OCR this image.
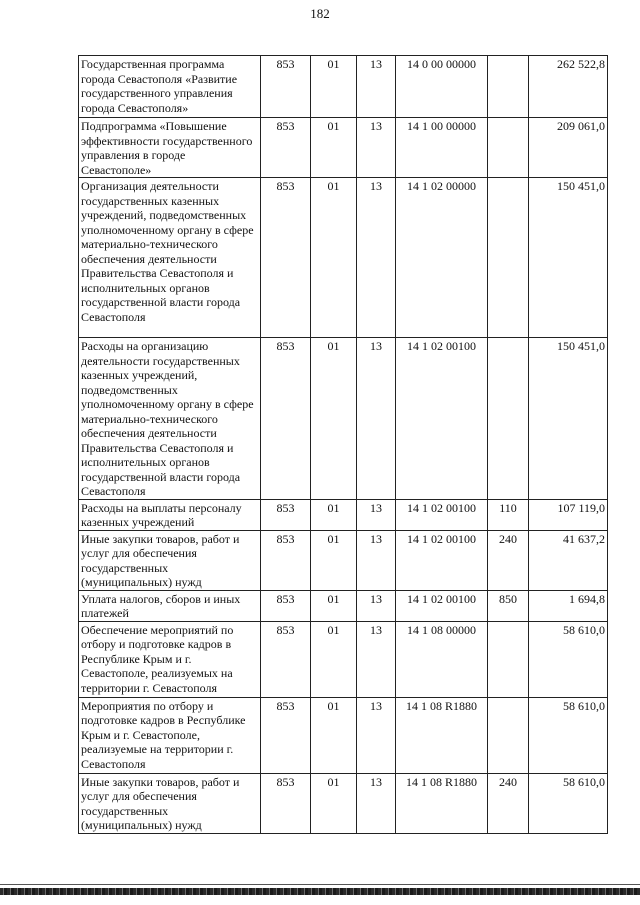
182
Государственная программа города Севастополя «Развитие государственного управления города Севастополя»	853	01	13	14 0 00 00000		262 522,8
Подпрограмма «Повышение эффективности государственного управления в городе Севастополе»	853	01	13	14 1 00 00000		209 061,0
Организация деятельности государственных казенных учреждений, подведомственных уполномоченному органу в сфере материально-технического обеспечения деятельности Правительства Севастополя и исполнительных органов государственной власти города Севастополя	853	01	13	14 1 02 00000		150 451,0
Расходы на организацию деятельности государственных казенных учреждений, подведомственных уполномоченному органу в сфере материально-технического обеспечения деятельности Правительства Севастополя и исполнительных органов государственной власти города Севастополя	853	01	13	14 1 02 00100		150 451,0
Расходы на выплаты персоналу казенных учреждений	853	01	13	14 1 02 00100	110	107 119,0
Иные закупки товаров, работ и услуг для обеспечения государственных (муниципальных) нужд	853	01	13	14 1 02 00100	240	41 637,2
Уплата налогов, сборов и иных платежей	853	01	13	14 1 02 00100	850	1 694,8
Обеспечение мероприятий по отбору и подготовке кадров в Республике Крым и г. Севастополе, реализуемых на территории г. Севастополя	853	01	13	14 1 08 00000		58 610,0
Мероприятия по отбору и подготовке кадров в Республике Крым и г. Севастополе, реализуемые на территории г. Севастополя	853	01	13	14 1 08 R1880		58 610,0
Иные закупки товаров, работ и услуг для обеспечения государственных (муниципальных) нужд	853	01	13	14 1 08 R1880	240	58 610,0
